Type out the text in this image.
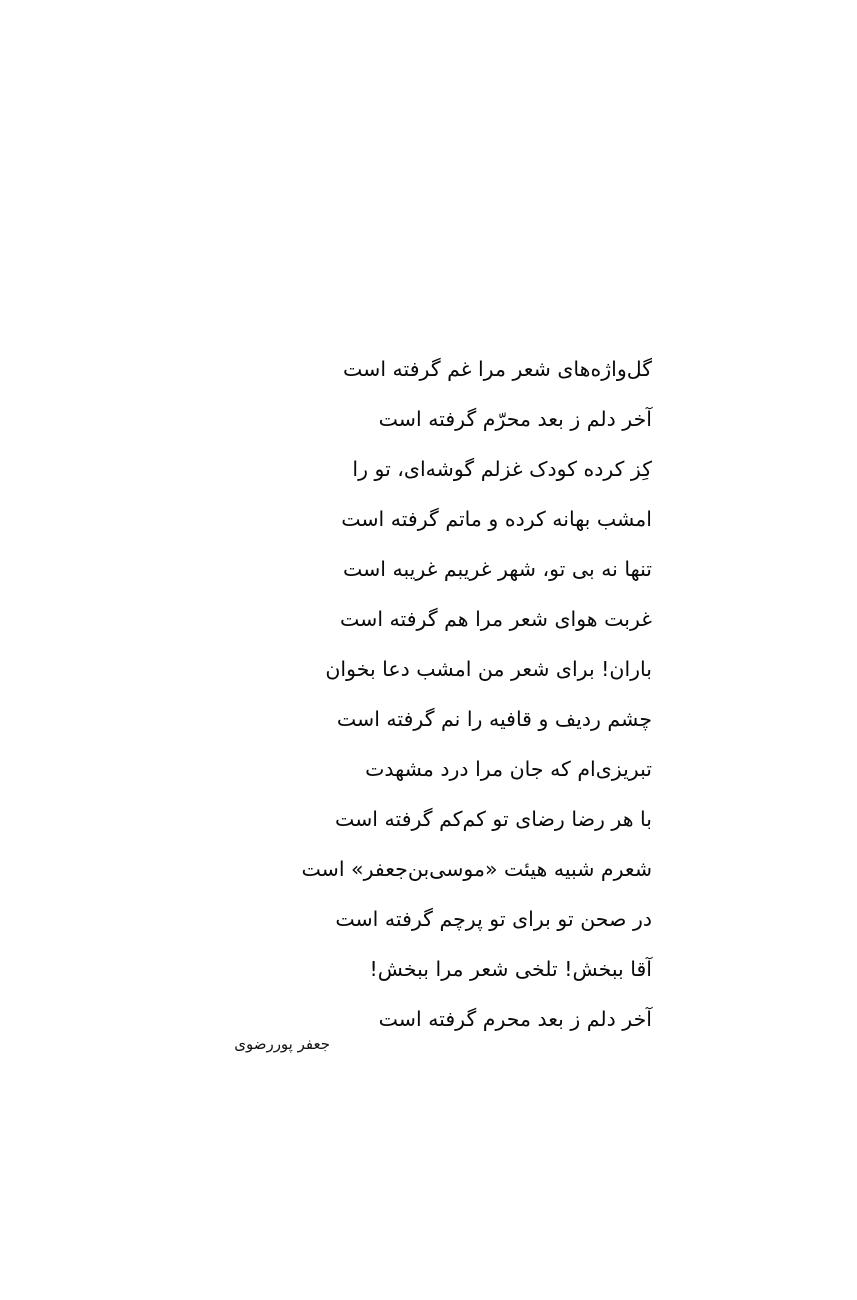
گل‌واژه‌های شعر مرا غم گرفته است
آخر دلم ز بعد محرّم گرفته است
کِز کرده کودک غزلم گوشه‌ای، تو را
امشب بهانه کرده و ماتم گرفته است
تنها نه بی تو، شهر غریبم غریبه است
غربت هوای شعر مرا هم گرفته است
باران! برای شعر من امشب دعا بخوان
چشم ردیف و قافیه را نم گرفته است
تبریزی‌ام که جان مرا درد مشهدت
با هر رضا رضای تو کم‌کم گرفته است
شعرم شبیه هیئت «موسی‌بن‌جعفر» است
در صحن تو برای تو پرچم گرفته است
آقا ببخش! تلخی شعر مرا ببخش!
آخر دلم ز بعد محرم گرفته است
جعفر پوررضوی
